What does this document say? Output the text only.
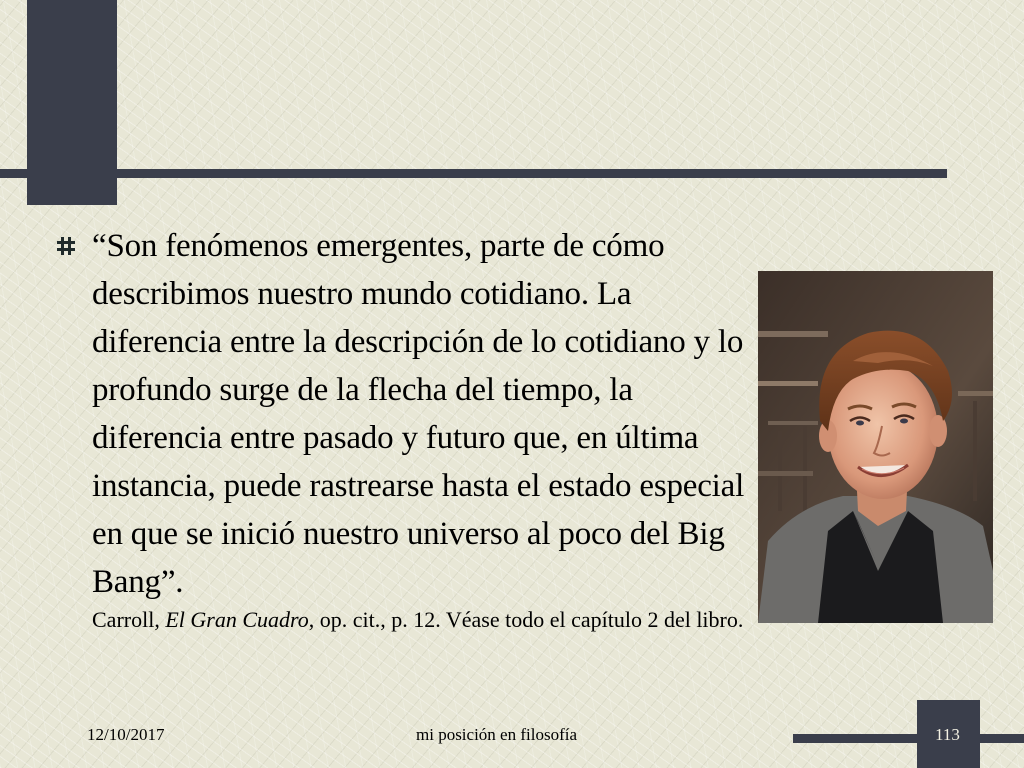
“Son fenómenos emergentes, parte de cómo describimos nuestro mundo cotidiano. La diferencia entre la descripción de lo cotidiano y lo profundo surge de la flecha del tiempo, la diferencia entre pasado y futuro que, en última instancia, puede rastrearse hasta el estado especial en que se inició nuestro universo al poco del Big Bang”.

Carroll, El Gran Cuadro, op. cit., p. 12. Véase todo el capítulo 2 del libro.

12/10/2017	mi posición en filosofía	113
